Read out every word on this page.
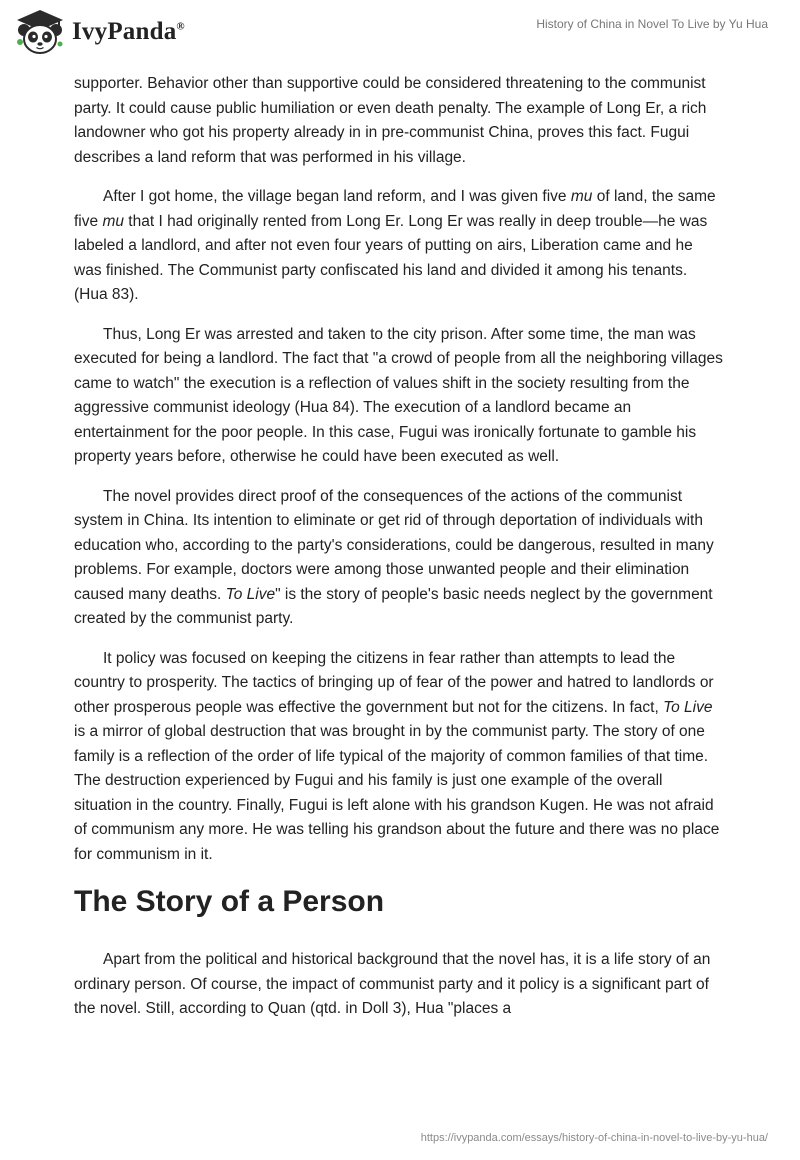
IvyPanda®	History of China in Novel To Live by Yu Hua

supporter. Behavior other than supportive could be considered threatening to the communist party. It could cause public humiliation or even death penalty. The example of Long Er, a rich landowner who got his property already in in pre-communist China, proves this fact. Fugui describes a land reform that was performed in his village.

After I got home, the village began land reform, and I was given five mu of land, the same five mu that I had originally rented from Long Er. Long Er was really in deep trouble—he was labeled a landlord, and after not even four years of putting on airs, Liberation came and he was finished. The Communist party confiscated his land and divided it among his tenants. (Hua 83).

Thus, Long Er was arrested and taken to the city prison. After some time, the man was executed for being a landlord. The fact that "a crowd of people from all the neighboring villages came to watch" the execution is a reflection of values shift in the society resulting from the aggressive communist ideology (Hua 84). The execution of a landlord became an entertainment for the poor people. In this case, Fugui was ironically fortunate to gamble his property years before, otherwise he could have been executed as well.

The novel provides direct proof of the consequences of the actions of the communist system in China. Its intention to eliminate or get rid of through deportation of individuals with education who, according to the party's considerations, could be dangerous, resulted in many problems. For example, doctors were among those unwanted people and their elimination caused many deaths. To Live" is the story of people's basic needs neglect by the government created by the communist party.

It policy was focused on keeping the citizens in fear rather than attempts to lead the country to prosperity. The tactics of bringing up of fear of the power and hatred to landlords or other prosperous people was effective the government but not for the citizens. In fact, To Live is a mirror of global destruction that was brought in by the communist party. The story of one family is a reflection of the order of life typical of the majority of common families of that time. The destruction experienced by Fugui and his family is just one example of the overall situation in the country. Finally, Fugui is left alone with his grandson Kugen. He was not afraid of communism any more. He was telling his grandson about the future and there was no place for communism in it.

The Story of a Person

Apart from the political and historical background that the novel has, it is a life story of an ordinary person. Of course, the impact of communist party and it policy is a significant part of the novel. Still, according to Quan (qtd. in Doll 3), Hua "places a

https://ivypanda.com/essays/history-of-china-in-novel-to-live-by-yu-hua/
